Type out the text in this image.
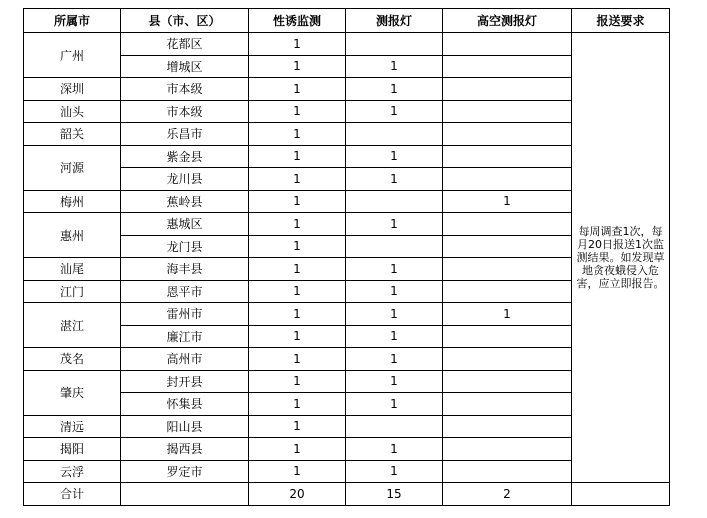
所属市	县（市、区）	性诱监测	测报灯	高空测报灯	报送要求
广州	花都区	1			每周调查1次，每月20日报送1次监测结果。如发现草地贪夜蛾侵入危害，应立即报告。
	增城区	1	1		
深圳	市本级	1	1		
汕头	市本级	1	1		
韶关	乐昌市	1			
河源	紫金县	1	1		
	龙川县	1	1		
梅州	蕉岭县	1		1	
惠州	惠城区	1	1		
	龙门县	1			
汕尾	海丰县	1	1		
江门	恩平市	1	1		
湛江	雷州市	1	1	1	
	廉江市	1	1		
茂名	高州市	1	1		
肇庆	封开县	1	1		
	怀集县	1	1		
清远	阳山县	1			
揭阳	揭西县	1	1		
云浮	罗定市	1	1		
合计		20	15	2	
